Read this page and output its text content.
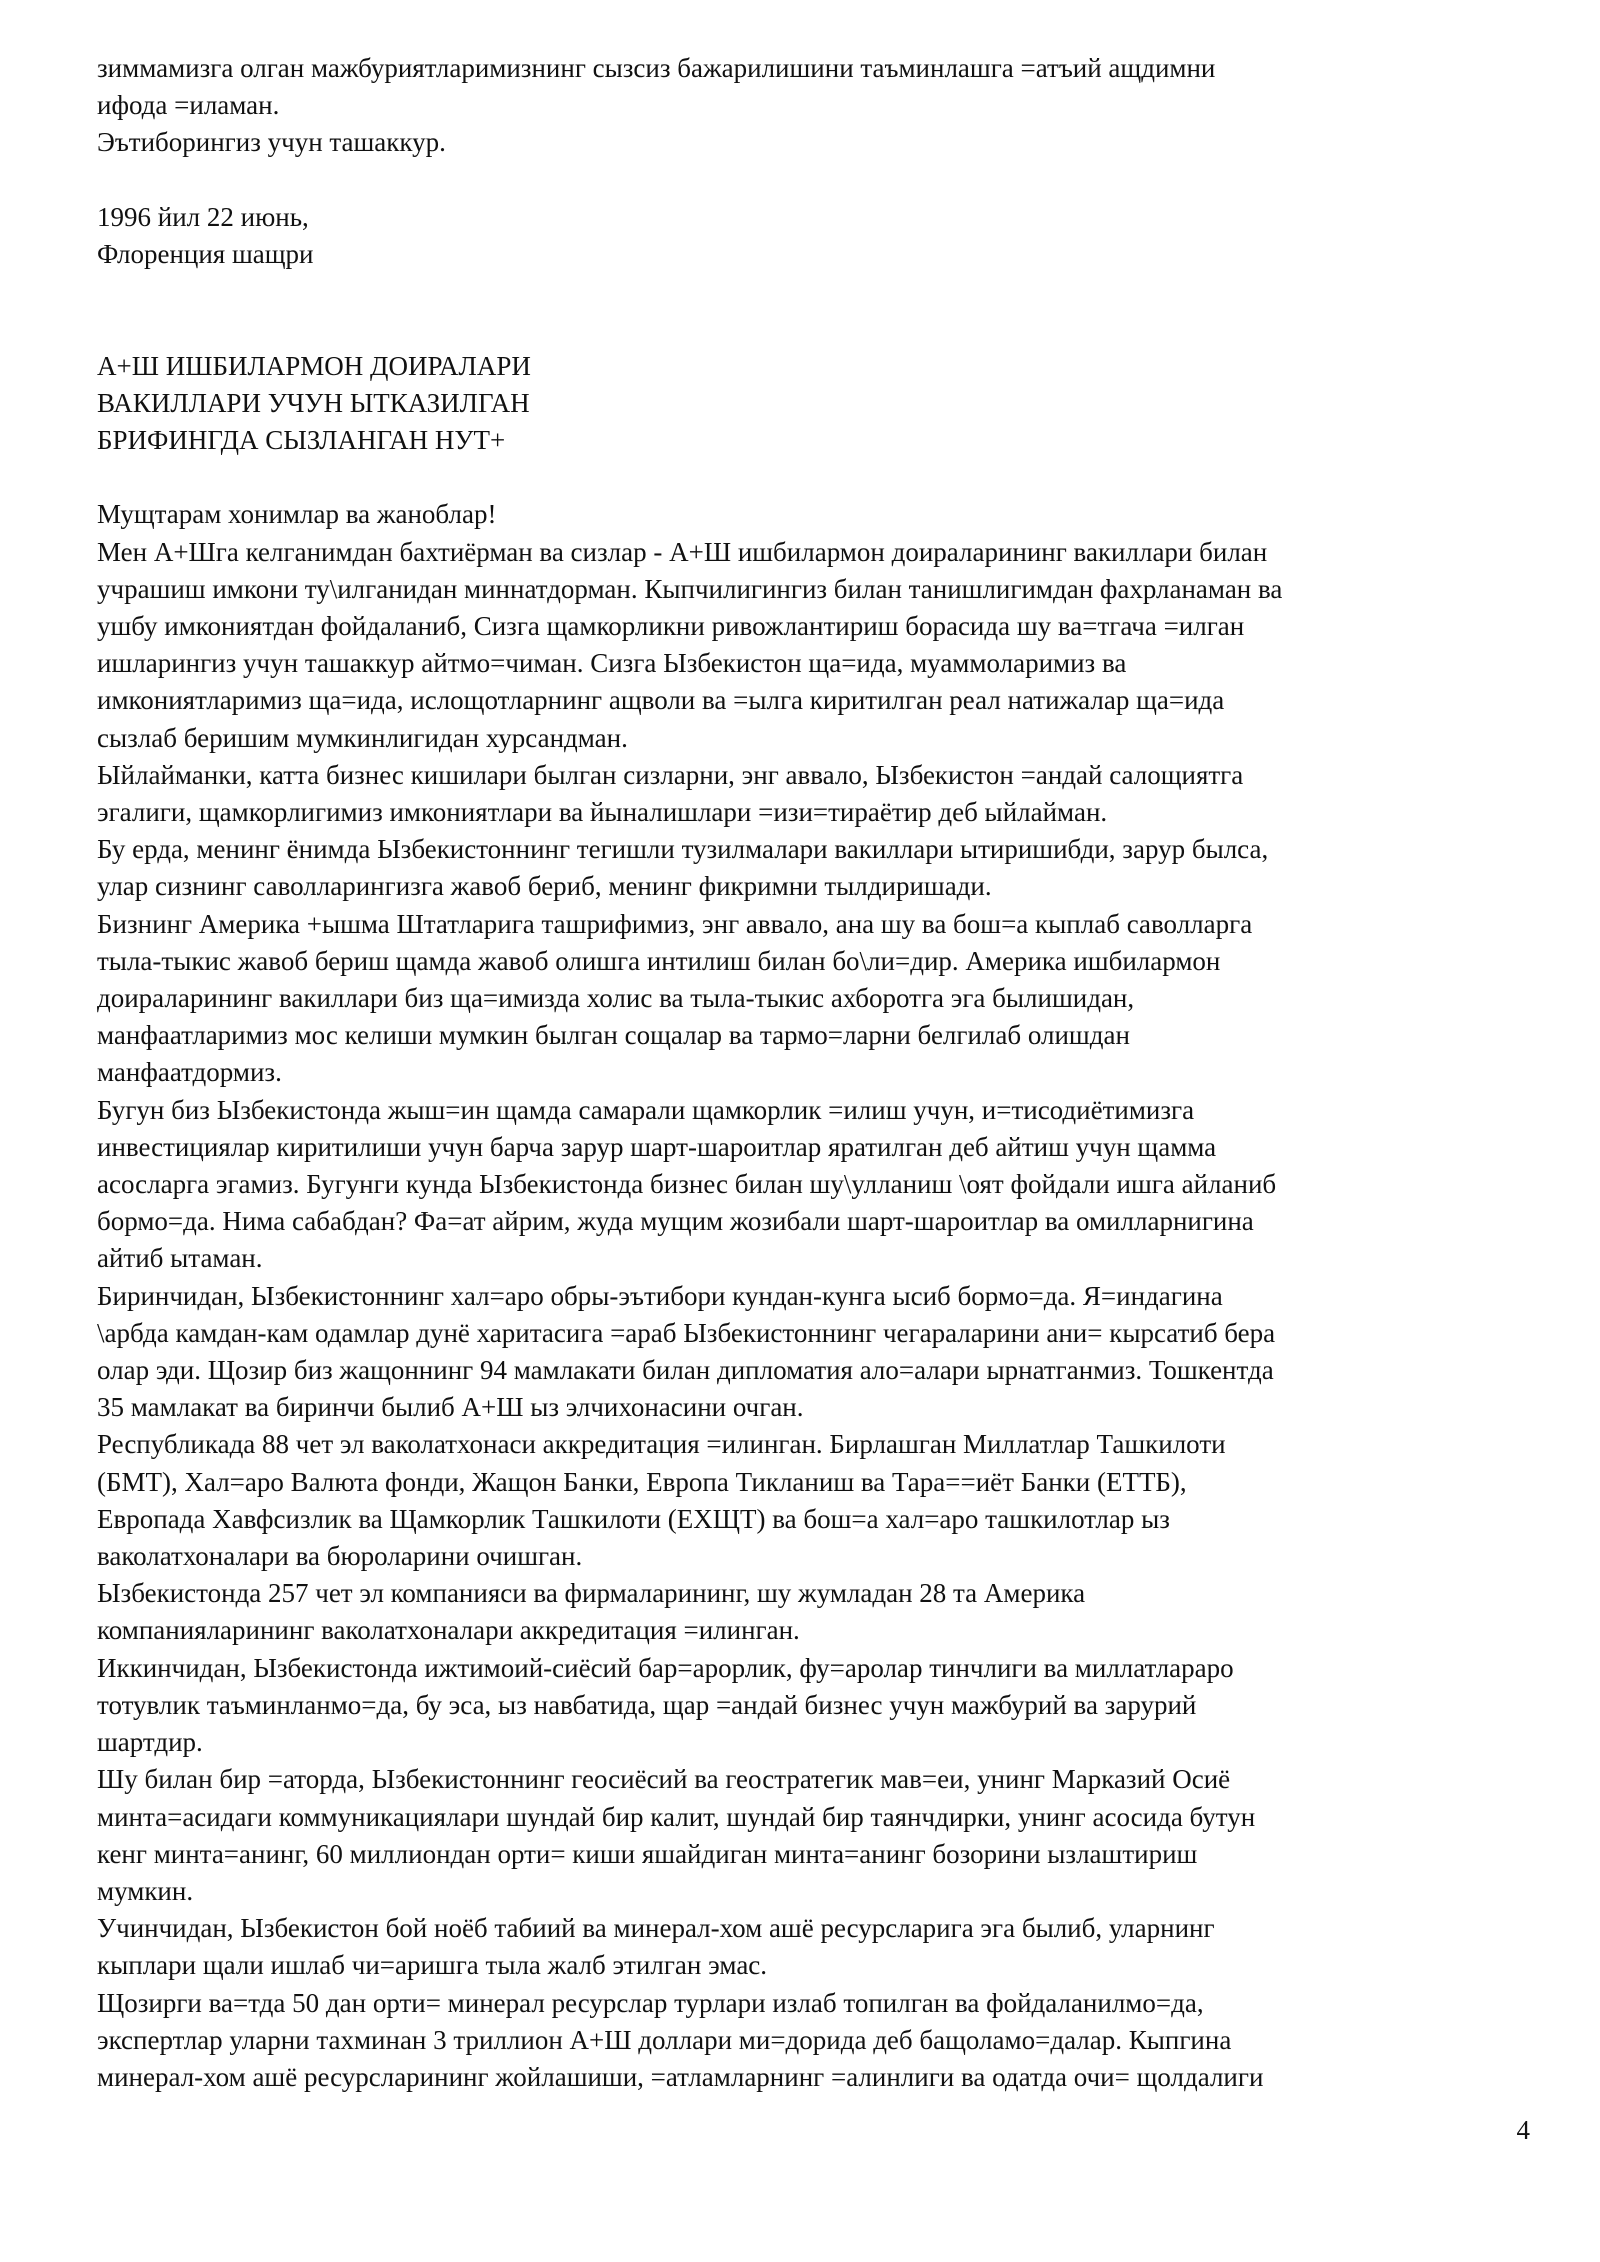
зиммамизга олган мажбуриятларимизнинг сызсиз бажарилишини таъминлашга =атъий ащдимни

ифода =иламан.

Эътиборингиз учун ташаккур.

1996 йил 22 июнь,

Флоренция шащри

А+Ш ИШБИЛАРМОН ДОИРАЛАРИ

ВАКИЛЛАРИ УЧУН ЫТКАЗИЛГАН

БРИФИНГДА СЫЗЛАНГАН НУТ+

Мущтарам хонимлар ва жаноблар!

Мен А+Шга келганимдан бахтиёрман ва сизлар - А+Ш ишбилармон доираларининг вакиллари билан

учрашиш имкони ту\илганидан миннатдорман. Кыпчилигингиз билан танишлигимдан фахрланаман ва

ушбу имкониятдан фойдаланиб, Сизга щамкорликни ривожлантириш борасида шу ва=тгача =илган

ишларингиз учун ташаккур айтмо=чиман. Сизга Ызбекистон ща=ида, муаммоларимиз ва

имкониятларимиз ща=ида, ислощотларнинг ащволи ва =ылга киритилган реал натижалар ща=ида

сызлаб беришим мумкинлигидан хурсандман.

Ыйлайманки, катта бизнес кишилари былган сизларни, энг аввало, Ызбекистон =андай салощиятга

эгалиги, щамкорлигимиз имкониятлари ва йыналишлари =изи=тираётир деб ыйлайман.

Бу ерда, менинг ёнимда Ызбекистоннинг тегишли тузилмалари вакиллари ытиришибди, зарур былса,

улар сизнинг саволларингизга жавоб бериб, менинг фикримни тылдиришади.

Бизнинг Америка +ышма Штатларига ташрифимиз, энг аввало, ана шу ва бош=а кыплаб саволларга

тыла-тыкис жавоб бериш щамда жавоб олишга интилиш билан бо\ли=дир. Америка ишбилармон

доираларининг вакиллари биз ща=имизда холис ва тыла-тыкис ахборотга эга былишидан,

манфаатларимиз мос келиши мумкин былган сощалар ва тармо=ларни белгилаб олишдан

манфаатдормиз.

Бугун биз Ызбекистонда жыш=ин щамда самарали щамкорлик =илиш учун, и=тисодиётимизга

инвестициялар киритилиши учун барча зарур шарт-шароитлар яратилган деб айтиш учун щамма

асосларга эгамиз. Бугунги кунда Ызбекистонда бизнес билан шу\улланиш \оят фойдали ишга айланиб

бормо=да. Нима сабабдан? Фа=ат айрим, жуда мущим жозибали шарт-шароитлар ва омилларнигина

айтиб ытаман.

Биринчидан, Ызбекистоннинг хал=аро обры-эътибори кундан-кунга ысиб бормо=да. Я=индагина

\арбда камдан-кам одамлар дунё харитасига =араб Ызбекистоннинг чегараларини ани= кырсатиб бера

олар эди. Щозир биз жащоннинг 94 мамлакати билан дипломатия ало=алари ырнатганмиз. Тошкентда

35 мамлакат ва биринчи былиб А+Ш ыз элчихонасини очган.

Республикада 88 чет эл ваколатхонаси аккредитация =илинган. Бирлашган Миллатлар Ташкилоти

(БМТ), Хал=аро Валюта фонди, Жащон Банки, Европа Тикланиш ва Тара==иёт Банки (ЕТТБ),

Европада Хавфсизлик ва Щамкорлик Ташкилоти (ЕХЩТ) ва бош=а хал=аро ташкилотлар ыз

ваколатхоналари ва бюроларини очишган.

Ызбекистонда 257 чет эл компанияси ва фирмаларининг, шу жумладан 28 та Америка

компанияларининг ваколатхоналари аккредитация =илинган.

Иккинчидан, Ызбекистонда ижтимоий-сиёсий бар=арорлик, фу=аролар тинчлиги ва миллатлараро

тотувлик таъминланмо=да, бу эса, ыз навбатида, щар =андай бизнес учун мажбурий ва зарурий

шартдир.

Шу билан бир =аторда, Ызбекистоннинг геосиёсий ва геостратегик мав=еи, унинг Марказий Осиё

минта=асидаги коммуникациялари шундай бир калит, шундай бир таянчдирки, унинг асосида бутун

кенг минта=анинг, 60 миллиондан орти= киши яшайдиган минта=анинг бозорини ызлаштириш

мумкин.

Учинчидан, Ызбекистон бой ноёб табиий ва минерал-хом ашё ресурсларига эга былиб, уларнинг

кыплари щали ишлаб чи=аришга тыла жалб этилган эмас.

Щозирги ва=тда 50 дан орти= минерал ресурслар турлари излаб топилган ва фойдаланилмо=да,

экспертлар уларни тахминан 3 триллион А+Ш доллари ми=дорида деб бащоламо=далар. Кыпгина

минерал-хом ашё ресурсларининг жойлашиши, =атламларнинг =алинлиги ва одатда очи= щолдалиги

4
